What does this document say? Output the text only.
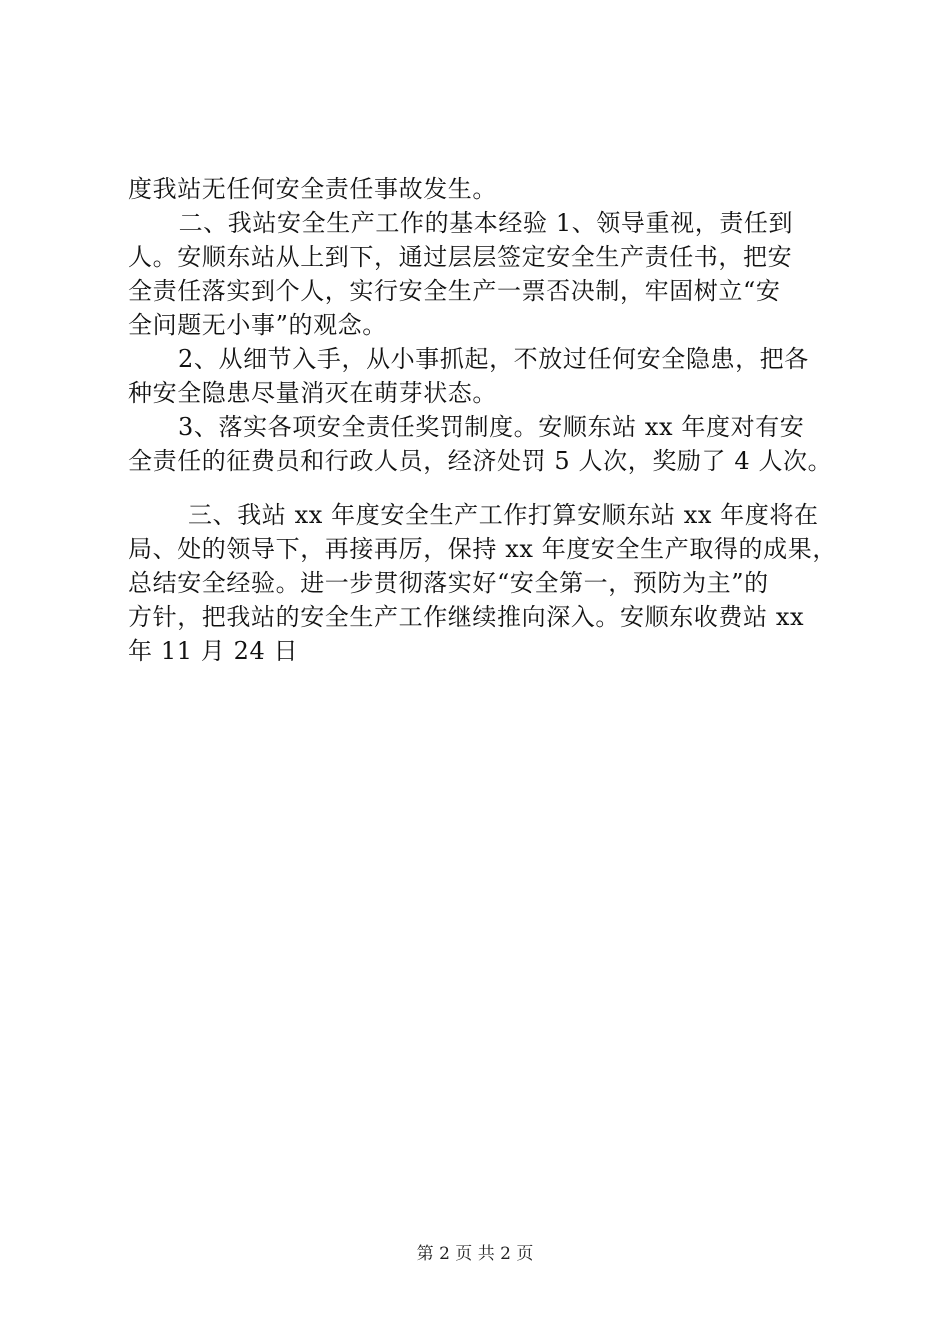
度我站无任何安全责任事故发生。
　二、我站安全生产工作的基本经验 1、领导重视，责任到
人。安顺东站从上到下，通过层层签定安全生产责任书，把安
全责任落实到个人，实行安全生产一票否决制，牢固树立“安
全问题无小事”的观念。
2、从细节入手，从小事抓起，不放过任何安全隐患，把各
种安全隐患尽量消灭在萌芽状态。
3、落实各项安全责任奖罚制度。安顺东站 xx 年度对有安
全责任的征费员和行政人员，经济处罚 5 人次，奖励了 4 人次。
三、我站 xx 年度安全生产工作打算安顺东站 xx 年度将在
局、处的领导下，再接再厉，保持 xx 年度安全生产取得的成果，
总结安全经验。进一步贯彻落实好“安全第一，预防为主”的
方针，把我站的安全生产工作继续推向深入。安顺东收费站 xx
年 11 月 24 日
第 2 页 共 2 页
